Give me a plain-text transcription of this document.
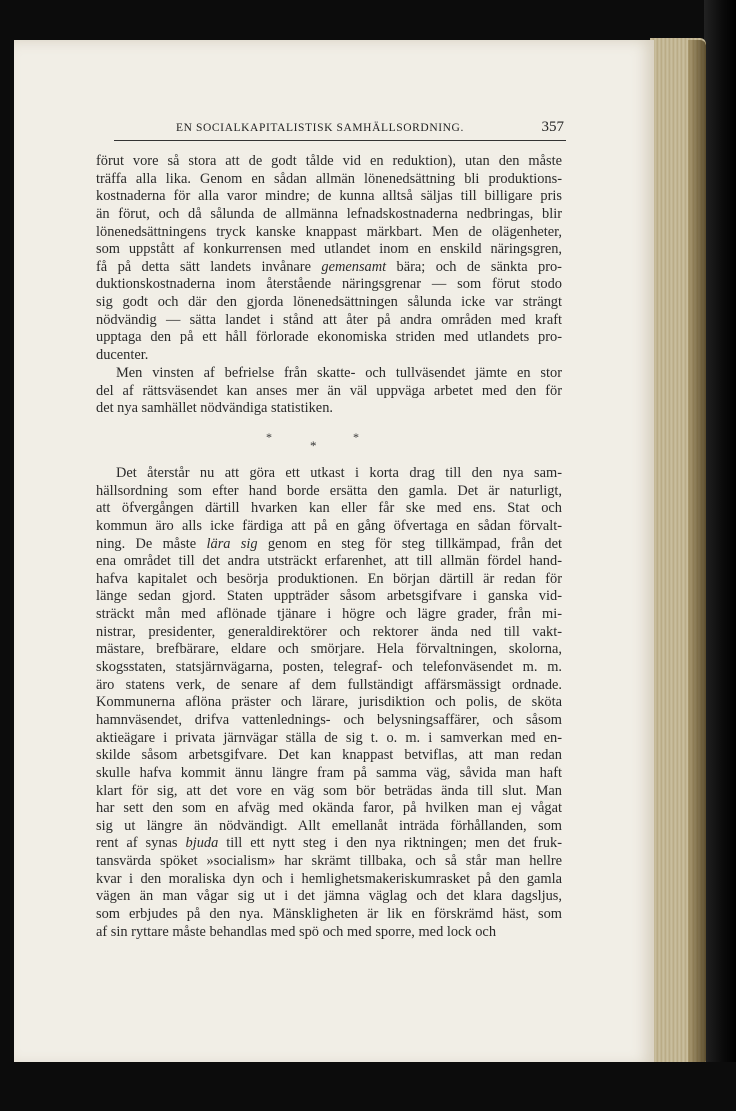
EN SOCIALKAPITALISTISK SAMHÄLLSORDNING.	357
förut vore så stora att de godt tålde vid en reduktion), utan den måste
träffa alla lika. Genom en sådan allmän lönenedsättning bli produktions-
kostnaderna för alla varor mindre; de kunna alltså säljas till billigare pris
än förut, och då sålunda de allmänna lefnadskostnaderna nedbringas, blir
lönenedsättningens tryck kanske knappast märkbart. Men de olägenheter,
som uppstått af konkurrensen med utlandet inom en enskild näringsgren,
få på detta sätt landets invånare gemensamt bära; och de sänkta pro-
duktionskostnaderna inom återstående näringsgrenar — som förut stodo
sig godt och där den gjorda lönenedsättningen sålunda icke var strängt
nödvändig — sätta landet i stånd att åter på andra områden med kraft
upptaga den på ett håll förlorade ekonomiska striden med utlandets pro-
ducenter.
Men vinsten af befrielse från skatte- och tullväsendet jämte en stor
del af rättsväsendet kan anses mer än väl uppväga arbetet med den för
det nya samhället nödvändiga statistiken.
*	*
*
Det återstår nu att göra ett utkast i korta drag till den nya sam-
hällsordning som efter hand borde ersätta den gamla. Det är naturligt,
att öfvergången därtill hvarken kan eller får ske med ens. Stat och
kommun äro alls icke färdiga att på en gång öfvertaga en sådan förvalt-
ning. De måste lära sig genom en steg för steg tillkämpad, från det
ena området till det andra utsträckt erfarenhet, att till allmän fördel hand-
hafva kapitalet och besörja produktionen. En början därtill är redan för
länge sedan gjord. Staten uppträder såsom arbetsgifvare i ganska vid-
sträckt mån med aflönade tjänare i högre och lägre grader, från mi-
nistrar, presidenter, generaldirektörer och rektorer ända ned till vakt-
mästare, brefbärare, eldare och smörjare. Hela förvaltningen, skolorna,
skogsstaten, statsjärnvägarna, posten, telegraf- och telefonväsendet m. m.
äro statens verk, de senare af dem fullständigt affärsmässigt ordnade.
Kommunerna aflöna präster och lärare, jurisdiktion och polis, de sköta
hamnväsendet, drifva vattenlednings- och belysningsaffärer, och såsom
aktieägare i privata järnvägar ställa de sig t. o. m. i samverkan med en-
skilde såsom arbetsgifvare. Det kan knappast betviflas, att man redan
skulle hafva kommit ännu längre fram på samma väg, såvida man haft
klart för sig, att det vore en väg som bör beträdas ända till slut. Man
har sett den som en afväg med okända faror, på hvilken man ej vågat
sig ut längre än nödvändigt. Allt emellanåt inträda förhållanden, som
rent af synas bjuda till ett nytt steg i den nya riktningen; men det fruk-
tansvärda spöket »socialism» har skrämt tillbaka, och så står man hellre
kvar i den moraliska dyn och i hemlighetsmakeriskumrasket på den gamla
vägen än man vågar sig ut i det jämna väglag och det klara dagsljus,
som erbjudes på den nya. Mänskligheten är lik en förskrämd häst, som
af sin ryttare måste behandlas med spö och med sporre, med lock och
